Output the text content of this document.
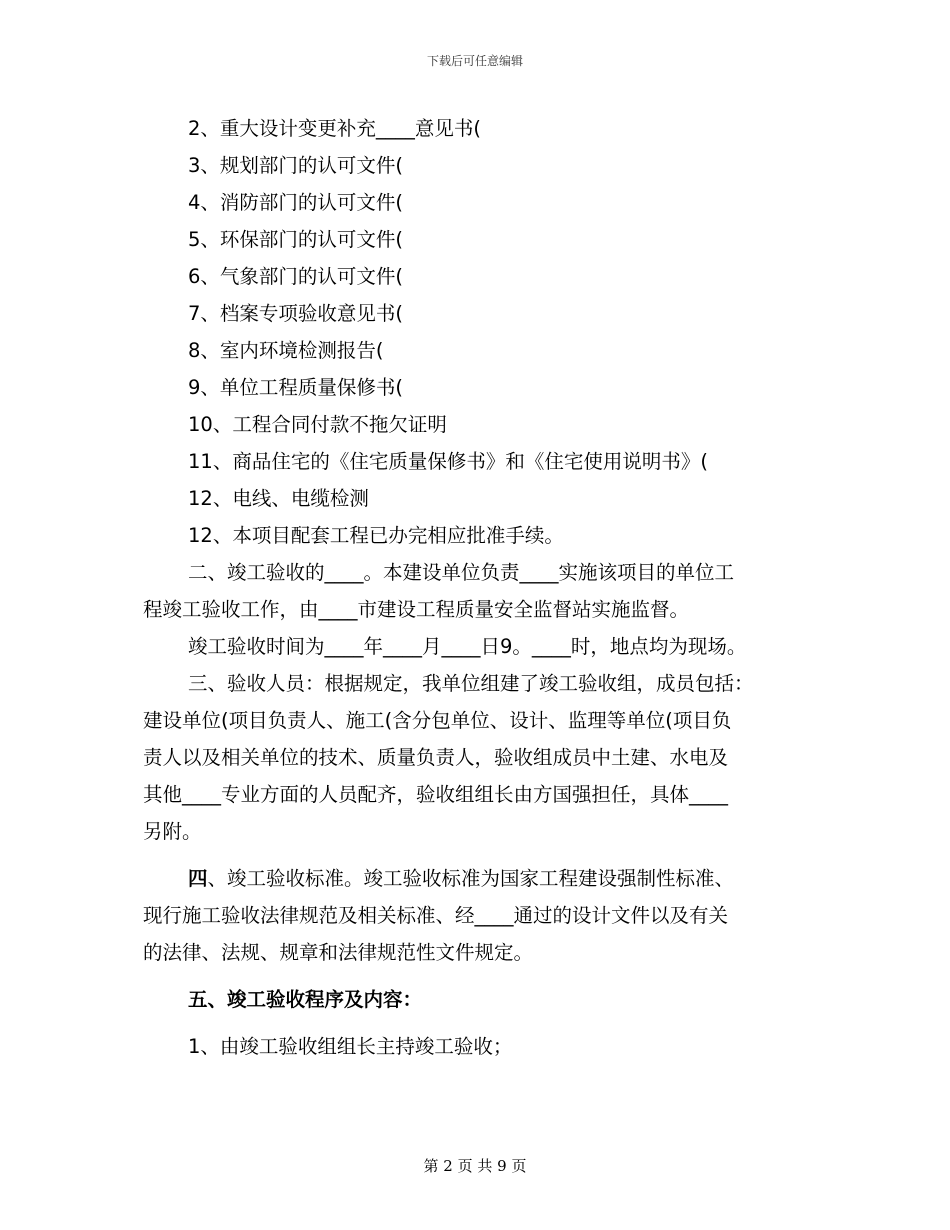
下载后可任意编辑

2、重大设计变更补充____意见书(

3、规划部门的认可文件(

4、消防部门的认可文件(

5、环保部门的认可文件(

6、气象部门的认可文件(

7、档案专项验收意见书(

8、室内环境检测报告(

9、单位工程质量保修书(

10、工程合同付款不拖欠证明

11、商品住宅的《住宅质量保修书》和《住宅使用说明书》(

12、电线、电缆检测

12、本项目配套工程已办完相应批准手续。

二、竣工验收的____。本建设单位负责____实施该项目的单位工

程竣工验收工作，由____市建设工程质量安全监督站实施监督。

竣工验收时间为____年____月____日9。____时，地点均为现场。

三、验收人员：根据规定，我单位组建了竣工验收组，成员包括：

建设单位(项目负责人、施工(含分包单位、设计、监理等单位(项目负

责人以及相关单位的技术、质量负责人，验收组成员中土建、水电及

其他____专业方面的人员配齐，验收组组长由方国强担任，具体____

另附。

四、竣工验收标准。竣工验收标准为国家工程建设强制性标准、

现行施工验收法律规范及相关标准、经____通过的设计文件以及有关

的法律、法规、规章和法律规范性文件规定。

五、竣工验收程序及内容：

1、由竣工验收组组长主持竣工验收；

第 2 页 共 9 页
